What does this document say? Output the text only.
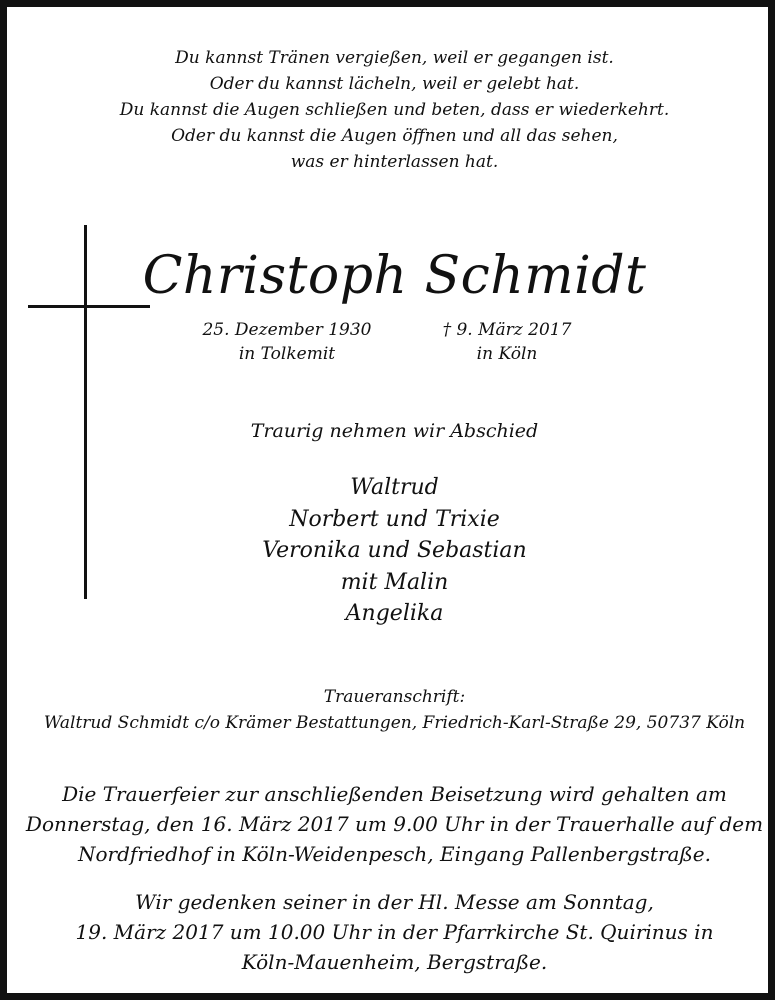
Du kannst Tränen vergießen, weil er gegangen ist.
Oder du kannst lächeln, weil er gelebt hat.
Du kannst die Augen schließen und beten, dass er wiederkehrt.
Oder du kannst die Augen öffnen und all das sehen,
was er hinterlassen hat.
Christoph Schmidt
25. Dezember 1930
in Tolkemit
† 9. März 2017
in Köln
Traurig nehmen wir Abschied
Waltrud
Norbert und Trixie
Veronika und Sebastian
mit Malin
Angelika
Traueranschrift:
Waltrud Schmidt c/o Krämer Bestattungen, Friedrich-Karl-Straße 29, 50737 Köln
Die Trauerfeier zur anschließenden Beisetzung wird gehalten am
Donnerstag, den 16. März 2017 um 9.00 Uhr in der Trauerhalle auf dem
Nordfriedhof in Köln-Weidenpesch, Eingang Pallenbergstraße.
Wir gedenken seiner in der Hl. Messe am Sonntag,
19. März 2017 um 10.00 Uhr in der Pfarrkirche St. Quirinus in
Köln-Mauenheim, Bergstraße.
